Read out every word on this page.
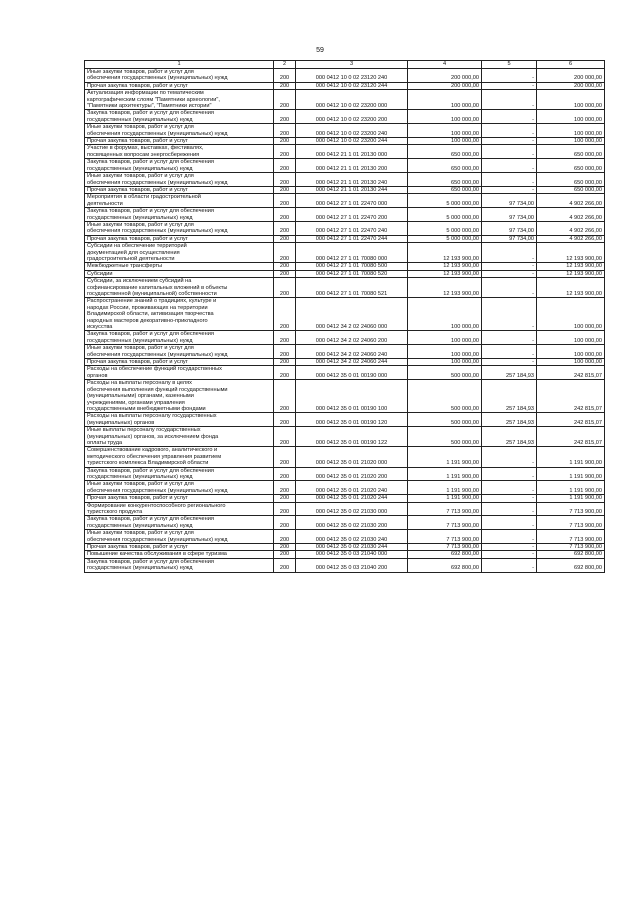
59
1	2	3	4	5	6
Иные закупки товаров, работ и услуг для
обеспечения государственных (муниципальных) нужд	200	000 0412 10 0 02 23120 240	200 000,00	-	200 000,00
Прочая закупка товаров, работ и услуг	200	000 0412 10 0 02 23120 244	200 000,00	-	200 000,00
Актуализация информации по тематическим
картографическим слоям "Памятники археологии",
"Памятники архитектуры", "Памятники истории"	200	000 0412 10 0 02 23200 000	100 000,00	-	100 000,00
Закупка товаров, работ и услуг для обеспечения
государственных (муниципальных) нужд	200	000 0412 10 0 02 23200 200	100 000,00	-	100 000,00
Иные закупки товаров, работ и услуг для
обеспечения государственных (муниципальных) нужд	200	000 0412 10 0 02 23200 240	100 000,00	-	100 000,00
Прочая закупка товаров, работ и услуг	200	000 0412 10 0 02 23200 244	100 000,00	-	100 000,00
Участие в форумах, выставках, фестивалях,
посвященных вопросам энергосбережения	200	000 0412 21 1 01 20130 000	650 000,00	-	650 000,00
Закупка товаров, работ и услуг для обеспечения
государственных (муниципальных) нужд	200	000 0412 21 1 01 20130 200	650 000,00	-	650 000,00
Иные закупки товаров, работ и услуг для
обеспечения государственных (муниципальных) нужд	200	000 0412 21 1 01 20130 240	650 000,00	-	650 000,00
Прочая закупка товаров, работ и услуг	200	000 0412 21 1 01 20130 244	650 000,00	-	650 000,00
Мероприятия в области градостроительной
деятельности	200	000 0412 27 1 01 22470 000	5 000 000,00	97 734,00	4 902 266,00
Закупка товаров, работ и услуг для обеспечения
государственных (муниципальных) нужд	200	000 0412 27 1 01 22470 200	5 000 000,00	97 734,00	4 902 266,00
Иные закупки товаров, работ и услуг для
обеспечения государственных (муниципальных) нужд	200	000 0412 27 1 01 22470 240	5 000 000,00	97 734,00	4 902 266,00
Прочая закупка товаров, работ и услуг	200	000 0412 27 1 01 22470 244	5 000 000,00	97 734,00	4 902 266,00
Субсидии на обеспечение территорий
документацией для осуществления
градостроительной деятельности	200	000 0412 27 1 01 70080 000	12 193 900,00	-	12 193 900,00
Межбюджетные трансферты	200	000 0412 27 1 01 70080 500	12 193 900,00	-	12 193 900,00
Субсидии	200	000 0412 27 1 01 70080 520	12 193 900,00	-	12 193 900,00
Субсидии, за исключением субсидий на
софинансирование капитальных вложений в объекты
государственной (муниципальной) собственности	200	000 0412 27 1 01 70080 521	12 193 900,00	-	12 193 900,00
Распространение знаний о традициях, культуре и
народах России, проживающих на территории
Владимирской области, активизация творчества
народных мастеров декоративно-прикладного
искусства	200	000 0412 34 2 02 24060 000	100 000,00	-	100 000,00
Закупка товаров, работ и услуг для обеспечения
государственных (муниципальных) нужд	200	000 0412 34 2 02 24060 200	100 000,00	-	100 000,00
Иные закупки товаров, работ и услуг для
обеспечения государственных (муниципальных) нужд	200	000 0412 34 2 02 24060 240	100 000,00	-	100 000,00
Прочая закупка товаров, работ и услуг	200	000 0412 34 2 02 24060 244	100 000,00	-	100 000,00
Расходы на обеспечение функций государственных
органов	200	000 0412 35 0 01 00190 000	500 000,00	257 184,93	242 815,07
Расходы на выплаты персоналу в целях
обеспечения выполнения функций государственными
(муниципальными) органами, казенными
учреждениями, органами управления
государственными внебюджетными фондами	200	000 0412 35 0 01 00190 100	500 000,00	257 184,93	242 815,07
Расходы на выплаты персоналу государственных
(муниципальных) органов	200	000 0412 35 0 01 00190 120	500 000,00	257 184,93	242 815,07
Иные выплаты персоналу государственных
(муниципальных) органов, за исключением фонда
оплаты труда	200	000 0412 35 0 01 00190 122	500 000,00	257 184,93	242 815,07
Совершенствование кадрового, аналитического и
методического обеспечения управления развитием
туристского комплекса Владимирской области	200	000 0412 35 0 01 21020 000	1 191 900,00	-	1 191 900,00
Закупка товаров, работ и услуг для обеспечения
государственных (муниципальных) нужд	200	000 0412 35 0 01 21020 200	1 191 900,00	-	1 191 900,00
Иные закупки товаров, работ и услуг для
обеспечения государственных (муниципальных) нужд	200	000 0412 35 0 01 21020 240	1 191 900,00	-	1 191 900,00
Прочая закупка товаров, работ и услуг	200	000 0412 35 0 01 21020 244	1 191 900,00	-	1 191 900,00
Формирование конкурентоспособного регионального
туристского продукта	200	000 0412 35 0 02 21030 000	7 713 900,00	-	7 713 900,00
Закупка товаров, работ и услуг для обеспечения
государственных (муниципальных) нужд	200	000 0412 35 0 02 21030 200	7 713 900,00	-	7 713 900,00
Иные закупки товаров, работ и услуг для
обеспечения государственных (муниципальных) нужд	200	000 0412 35 0 02 21030 240	7 713 900,00	-	7 713 900,00
Прочая закупка товаров, работ и услуг	200	000 0412 35 0 02 21030 244	7 713 900,00	-	7 713 900,00
Повышение качества обслуживания в сфере туризма	200	000 0412 35 0 03 21040 000	692 800,00	-	692 800,00
Закупка товаров, работ и услуг для обеспечения
государственных (муниципальных) нужд	200	000 0412 35 0 03 21040 200	692 800,00	-	692 800,00
